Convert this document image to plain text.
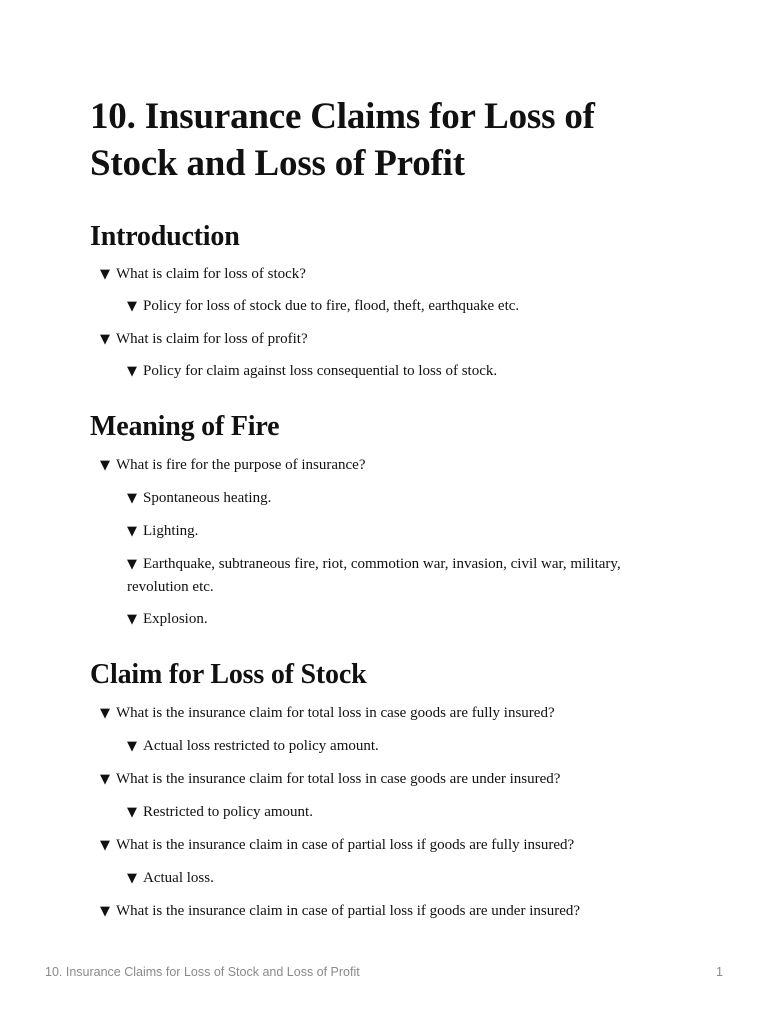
10. Insurance Claims for Loss of Stock and Loss of Profit
Introduction
▼ What is claim for loss of stock?
▼ Policy for loss of stock due to fire, flood, theft, earthquake etc.
▼ What is claim for loss of profit?
▼ Policy for claim against loss consequential to loss of stock.
Meaning of Fire
▼ What is fire for the purpose of insurance?
▼ Spontaneous heating.
▼ Lighting.
▼ Earthquake, subtraneous fire, riot, commotion war, invasion, civil war, military, revolution etc.
▼ Explosion.
Claim for Loss of Stock
▼ What is the insurance claim for total loss in case goods are fully insured?
▼ Actual loss restricted to policy amount.
▼ What is the insurance claim for total loss in case goods are under insured?
▼ Restricted to policy amount.
▼ What is the insurance claim in case of partial loss if goods are fully insured?
▼ Actual loss.
▼ What is the insurance claim in case of partial loss if goods are under insured?
10. Insurance Claims for Loss of Stock and Loss of Profit	1
